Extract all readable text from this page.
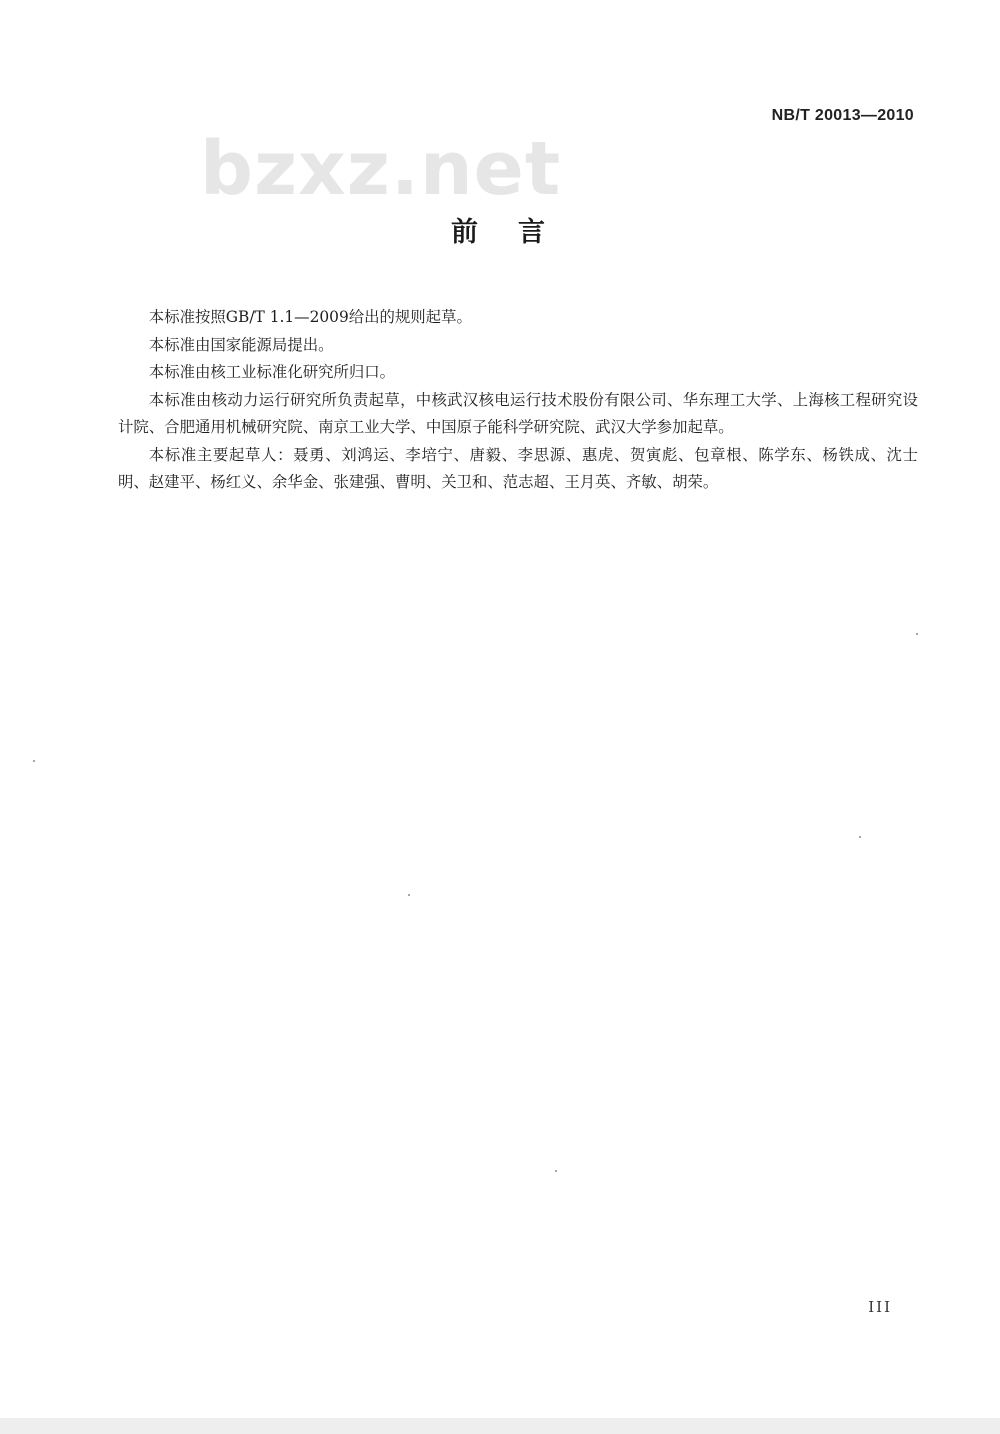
NB/T 20013—2010
bzxz.net
前言

本标准按照GB/T 1.1—2009给出的规则起草。

本标准由国家能源局提出。

本标准由核工业标准化研究所归口。

本标准由核动力运行研究所负责起草，中核武汉核电运行技术股份有限公司、华东理工大学、上海核工程研究设计院、合肥通用机械研究院、南京工业大学、中国原子能科学研究院、武汉大学参加起草。

本标准主要起草人：聂勇、刘鸿运、李培宁、唐毅、李思源、惠虎、贺寅彪、包章根、陈学东、杨铁成、沈士明、赵建平、杨红义、余华金、张建强、曹明、关卫和、范志超、王月英、齐敏、胡荣。

III
